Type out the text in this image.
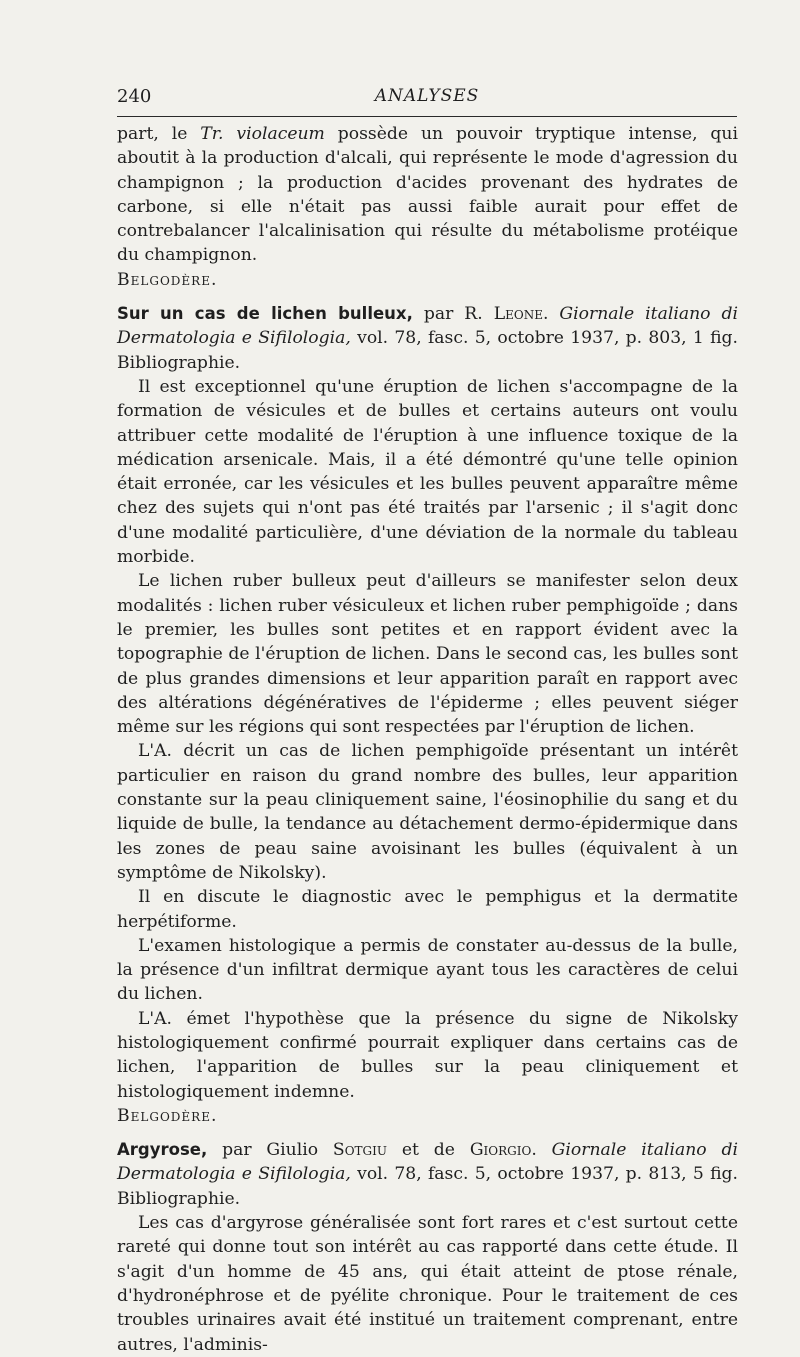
240	ANALYSES

part, le Tr. violaceum possède un pouvoir tryptique intense, qui aboutit à la production d'alcali, qui représente le mode d'agression du champignon ; la production d'acides provenant des hydrates de carbone, si elle n'était pas aussi faible aurait pour effet de contrebalancer l'alcalinisation qui résulte du métabolisme protéique du champignon.

Belgodère.

Sur un cas de lichen bulleux, par R. Leone. Giornale italiano di Dermatologia e Sifilologia, vol. 78, fasc. 5, octobre 1937, p. 803, 1 fig. Bibliographie.

Il est exceptionnel qu'une éruption de lichen s'accompagne de la formation de vésicules et de bulles et certains auteurs ont voulu attribuer cette modalité de l'éruption à une influence toxique de la médication arsenicale. Mais, il a été démontré qu'une telle opinion était erronée, car les vésicules et les bulles peuvent apparaître même chez des sujets qui n'ont pas été traités par l'arsenic ; il s'agit donc d'une modalité particulière, d'une déviation de la normale du tableau morbide.

Le lichen ruber bulleux peut d'ailleurs se manifester selon deux modalités : lichen ruber vésiculeux et lichen ruber pemphigoïde ; dans le premier, les bulles sont petites et en rapport évident avec la topographie de l'éruption de lichen. Dans le second cas, les bulles sont de plus grandes dimensions et leur apparition paraît en rapport avec des altérations dégénératives de l'épiderme ; elles peuvent siéger même sur les régions qui sont respectées par l'éruption de lichen.

L'A. décrit un cas de lichen pemphigoïde présentant un intérêt particulier en raison du grand nombre des bulles, leur apparition constante sur la peau cliniquement saine, l'éosinophilie du sang et du liquide de bulle, la tendance au détachement dermo-épidermique dans les zones de peau saine avoisinant les bulles (équivalent à un symptôme de Nikolsky).

Il en discute le diagnostic avec le pemphigus et la dermatite herpétiforme.

L'examen histologique a permis de constater au-dessus de la bulle, la présence d'un infiltrat dermique ayant tous les caractères de celui du lichen.

L'A. émet l'hypothèse que la présence du signe de Nikolsky histologiquement confirmé pourrait expliquer dans certains cas de lichen, l'apparition de bulles sur la peau cliniquement et histologiquement indemne.

Belgodère.

Argyrose, par Giulio Sotgiu et de Giorgio. Giornale italiano di Dermatologia e Sifilologia, vol. 78, fasc. 5, octobre 1937, p. 813, 5 fig. Bibliographie.

Les cas d'argyrose généralisée sont fort rares et c'est surtout cette rareté qui donne tout son intérêt au cas rapporté dans cette étude. Il s'agit d'un homme de 45 ans, qui était atteint de ptose rénale, d'hydronéphrose et de pyélite chronique. Pour le traitement de ces troubles urinaires avait été institué un traitement comprenant, entre autres, l'adminis-
